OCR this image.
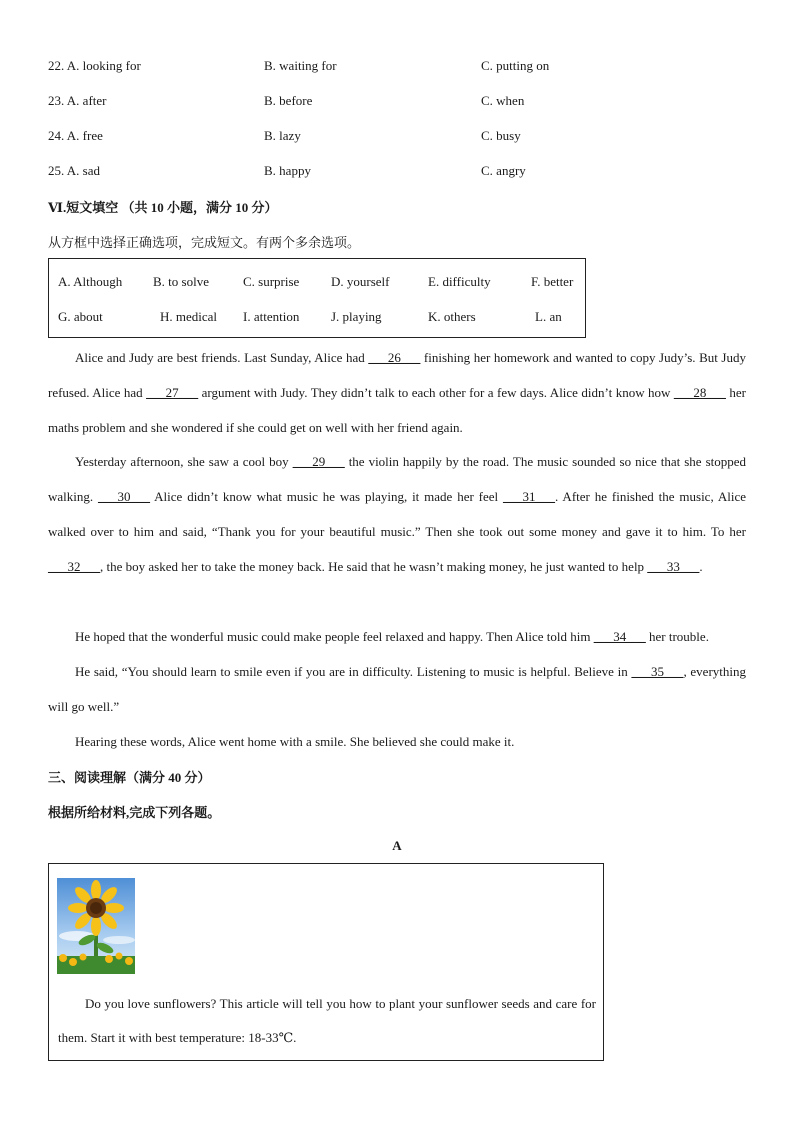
22. A. looking for	B. waiting for	C. putting on
23. A. after	B. before	C. when
24. A. free	B. lazy	C. busy
25. A. sad	B. happy	C. angry
Ⅵ.短文填空 （共 10 小题，满分 10 分）
从方框中选择正确选项，完成短文。有两个多余选项。
A. Although B. to solve	C. surprise D. yourself	E. difficulty	F. better
G. about	H. medical I. attention J. playing	K. others	L. an
Alice and Judy are best friends. Last Sunday, Alice had ___26___ finishing her homework and wanted to copy Judy’s. But Judy refused. Alice had ___27___ argument with Judy. They didn’t talk to each other for a few days. Alice didn’t know how ___28___ her maths problem and she wondered if she could get on well with her friend again.
Yesterday afternoon, she saw a cool boy ___29___ the violin happily by the road. The music sounded so nice that she stopped walking. ___30___ Alice didn’t know what music he was playing, it made her feel ___31___. After he finished the music, Alice walked over to him and said, “Thank you for your beautiful music.” Then she took out some money and gave it to him. To her ___32___, the boy asked her to take the money back. He said that he wasn’t making money, he just wanted to help ___33___.
He hoped that the wonderful music could make people feel relaxed and happy. Then Alice told him ___34___ her trouble.
He said, “You should learn to smile even if you are in difficulty. Listening to music is helpful. Believe in ___35___, everything will go well.”
Hearing these words, Alice went home with a smile. She believed she could make it.
三、阅读理解（满分 40 分）
根据所给材料,完成下列各题。
A
Do you love sunflowers? This article will tell you how to plant your sunflower seeds and care for them. Start it with best temperature: 18-33℃.
